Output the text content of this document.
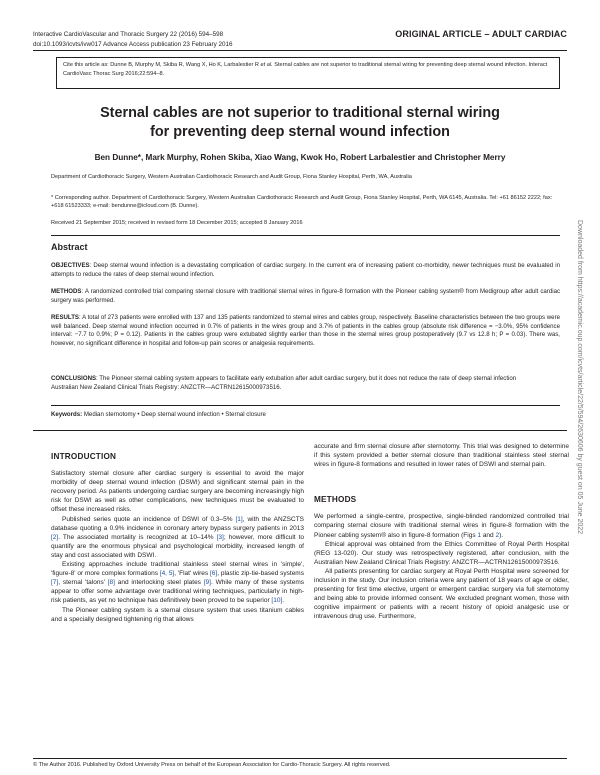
Interactive CardioVascular and Thoracic Surgery 22 (2016) 594–598
doi:10.1093/icvts/ivw017 Advance Access publication 23 February 2016
ORIGINAL ARTICLE – ADULT CARDIAC
Cite this article as: Dunne B, Murphy M, Skiba R, Wang X, Ho K, Larbalestier R et al. Sternal cables are not superior to traditional sternal wiring for preventing deep sternal wound infection. Interact CardioVasc Thorac Surg 2016;22:594–8.
Sternal cables are not superior to traditional sternal wiring
for preventing deep sternal wound infection
Ben Dunne*, Mark Murphy, Rohen Skiba, Xiao Wang, Kwok Ho, Robert Larbalestier and Christopher Merry
Department of Cardiothoracic Surgery, Western Australian Cardiothoracic Research and Audit Group, Fiona Stanley Hospital, Perth, WA, Australia
* Corresponding author. Department of Cardiothoracic Surgery, Western Australian Cardiothoracic Research and Audit Group, Fiona Stanley Hospital, Perth, WA 6145, Australia. Tel: +61 86152 2222; fax: +618 61523333; e-mail: bendunne@icloud.com (B. Dunne).
Received 21 September 2015; received in revised form 18 December 2015; accepted 8 January 2016
Abstract
OBJECTIVES: Deep sternal wound infection is a devastating complication of cardiac surgery. In the current era of increasing patient co-morbidity, newer techniques must be evaluated in attempts to reduce the rates of deep sternal wound infection.
METHODS: A randomized controlled trial comparing sternal closure with traditional sternal wires in figure-8 formation with the Pioneer cabling system® from Medigroup after adult cardiac surgery was performed.
RESULTS: A total of 273 patients were enrolled with 137 and 135 patients randomized to sternal wires and cables group, respectively. Baseline characteristics between the two groups were well balanced. Deep sternal wound infection occurred in 0.7% of patients in the wires group and 3.7% of patients in the cables group (absolute risk difference = −3.0%, 95% confidence interval: −7.7 to 0.9%; P = 0.12). Patients in the cables group were extubated slightly earlier than those in the sternal wires group postoperatively (9.7 vs 12.8 h; P = 0.03). There was, however, no significant difference in hospital and follow-up pain scores or analgesia requirements.
CONCLUSIONS: The Pioneer sternal cabling system appears to facilitate early extubation after adult cardiac surgery, but it does not reduce the rate of deep sternal infection
Australian New Zealand Clinical Trials Registry: ANZCTR—ACTRN12615000973516.
Keywords: Median sternotomy • Deep sternal wound infection • Sternal closure
INTRODUCTION

Satisfactory sternal closure after cardiac surgery is essential to avoid the major morbidity of deep sternal wound infection (DSWI) and significant sternal pain in the recovery period. As patients undergoing cardiac surgery are becoming increasingly high risk for DSWI as well as other complications, new techniques must be evaluated to offset these increased risks.

Published series quote an incidence of DSWI of 0.3–5% [1], with the ANZSCTS database quoting a 0.9% incidence in coronary artery bypass surgery patients in 2013 [2]. The associated mortality is recognized at 10–14% [3]; however, more difficult to quantify are the enormous physical and psychological morbidity, increased length of stay and cost associated with DSWI.

Existing approaches include traditional stainless steel sternal wires in 'simple', 'figure-8' or more complex formations [4, 5], 'Flat' wires [6], plastic zip-tie-based systems [7], sternal 'talons' [8] and interlocking steel plates [9]. While many of these systems appear to offer some advantage over traditional wiring techniques, particularly in high-risk patients, as yet no technique has definitively been proved to be superior [10].

The Pioneer cabling system is a sternal closure system that uses titanium cables and a specially designed tightening rig that allows

accurate and firm sternal closure after sternotomy. This trial was designed to determine if this system provided a better sternal closure than traditional stainless steel sternal wires in figure-8 formations and resulted in lower rates of DSWI and sternal pain.

METHODS

We performed a single-centre, prospective, single-blinded randomized controlled trial comparing sternal closure with traditional sternal wires in figure-8 formation with the Pioneer cabling system® also in figure-8 formation (Figs 1 and 2).

Ethical approval was obtained from the Ethics Committee of Royal Perth Hospital (REG 13-020). Our study was retrospectively registered, after conclusion, with the Australian New Zealand Clinical Trials Registry: ANZCTR—ACTRN12615000973516.

All patients presenting for cardiac surgery at Royal Perth Hospital were screened for inclusion in the study. Our inclusion criteria were any patient of 18 years of age or older, presenting for first time elective, urgent or emergent cardiac surgery via full sternotomy and being able to provide informed consent. We excluded pregnant women, those with cognitive impairment or patients with a recent history of opioid analgesic use or intravenous drug use. Furthermore,

Downloaded from https://academic.oup.com/icvts/article/22/5/594/2630606 by guest on 05 June 2022
© The Author 2016. Published by Oxford University Press on behalf of the European Association for Cardio-Thoracic Surgery. All rights reserved.
